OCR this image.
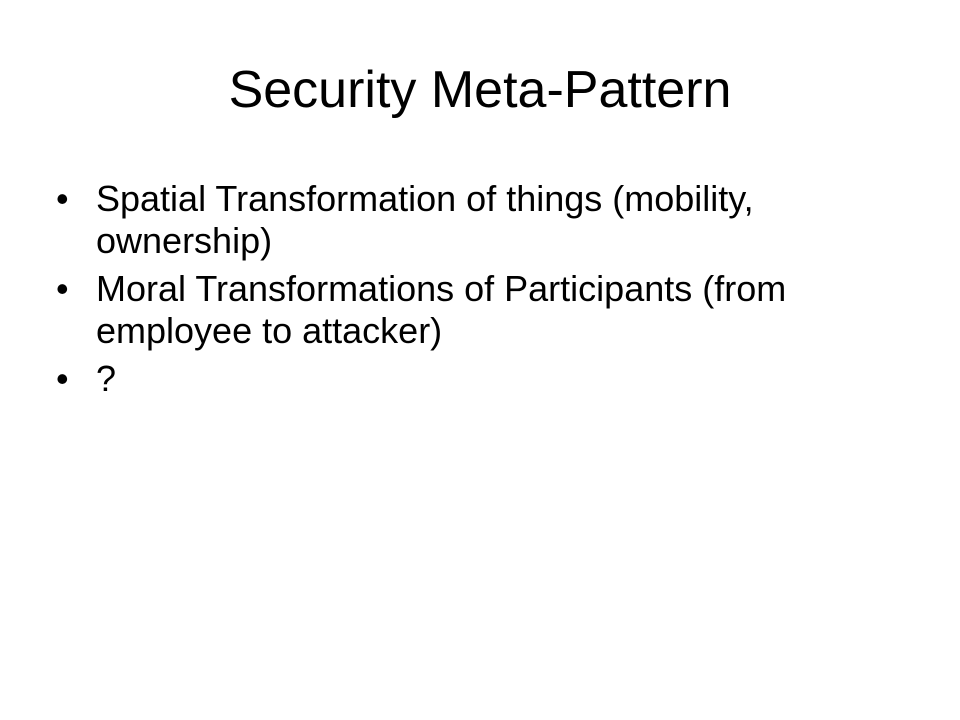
Security Meta-Pattern
• Spatial Transformation of things (mobility, ownership)
• Moral Transformations of Participants (from employee to attacker)
• ?
